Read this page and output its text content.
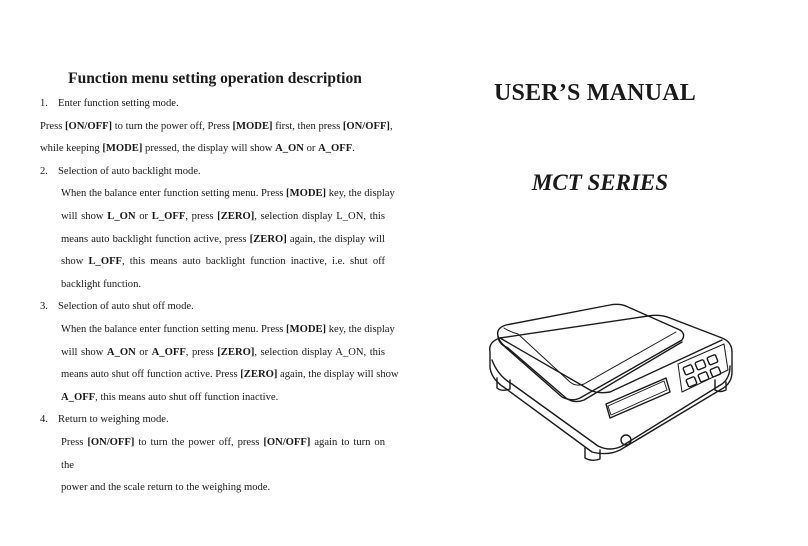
Function menu setting operation description
1. Enter function setting mode.
Press [ON/OFF] to turn the power off, Press [MODE] first, then press [ON/OFF],
while keeping [MODE] pressed, the display will show A_ON or A_OFF.
2. Selection of auto backlight mode.
When the balance enter function setting menu. Press [MODE] key, the display
will show L_ON or L_OFF, press [ZERO], selection display L_ON, this
means auto backlight function active, press [ZERO] again, the display will
show L_OFF, this means auto backlight function inactive, i.e. shut off
backlight function.
3. Selection of auto shut off mode.
When the balance enter function setting menu. Press [MODE] key, the display
will show A_ON or A_OFF, press [ZERO], selection display A_ON, this
means auto shut off function active. Press [ZERO] again, the display will show
A_OFF, this means auto shut off function inactive.
4. Return to weighing mode.
Press [ON/OFF] to turn the power off, press [ON/OFF] again to turn on the
power and the scale return to the weighing mode.
USER’S MANUAL
MCT SERIES
